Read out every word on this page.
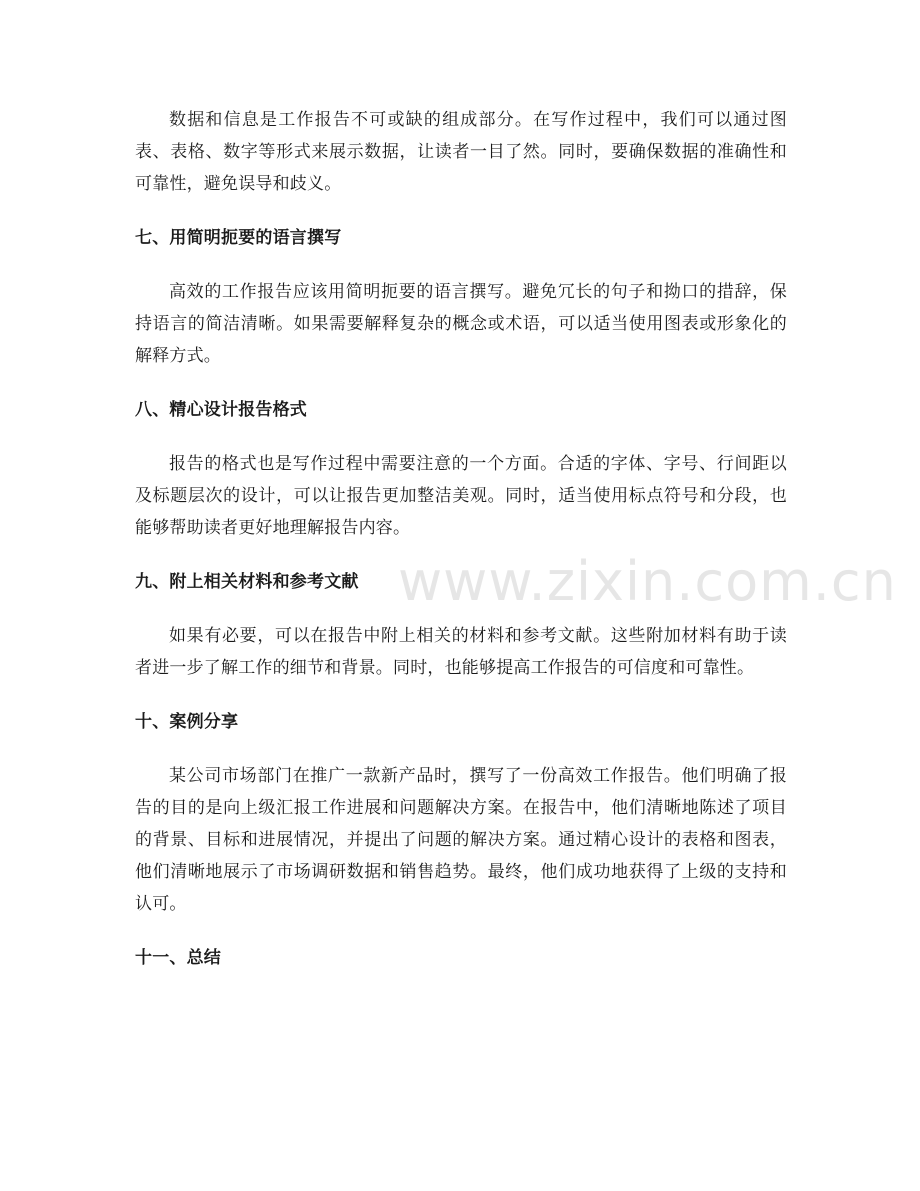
www.zixin.com.cn

数据和信息是工作报告不可或缺的组成部分。在写作过程中，我们可以通过图表、表格、数字等形式来展示数据，让读者一目了然。同时，要确保数据的准确性和可靠性，避免误导和歧义。

七、用简明扼要的语言撰写

高效的工作报告应该用简明扼要的语言撰写。避免冗长的句子和拗口的措辞，保持语言的简洁清晰。如果需要解释复杂的概念或术语，可以适当使用图表或形象化的解释方式。

八、精心设计报告格式

报告的格式也是写作过程中需要注意的一个方面。合适的字体、字号、行间距以及标题层次的设计，可以让报告更加整洁美观。同时，适当使用标点符号和分段，也能够帮助读者更好地理解报告内容。

九、附上相关材料和参考文献

如果有必要，可以在报告中附上相关的材料和参考文献。这些附加材料有助于读者进一步了解工作的细节和背景。同时，也能够提高工作报告的可信度和可靠性。

十、案例分享

某公司市场部门在推广一款新产品时，撰写了一份高效工作报告。他们明确了报告的目的是向上级汇报工作进展和问题解决方案。在报告中，他们清晰地陈述了项目的背景、目标和进展情况，并提出了问题的解决方案。通过精心设计的表格和图表，他们清晰地展示了市场调研数据和销售趋势。最终，他们成功地获得了上级的支持和认可。

十一、总结
